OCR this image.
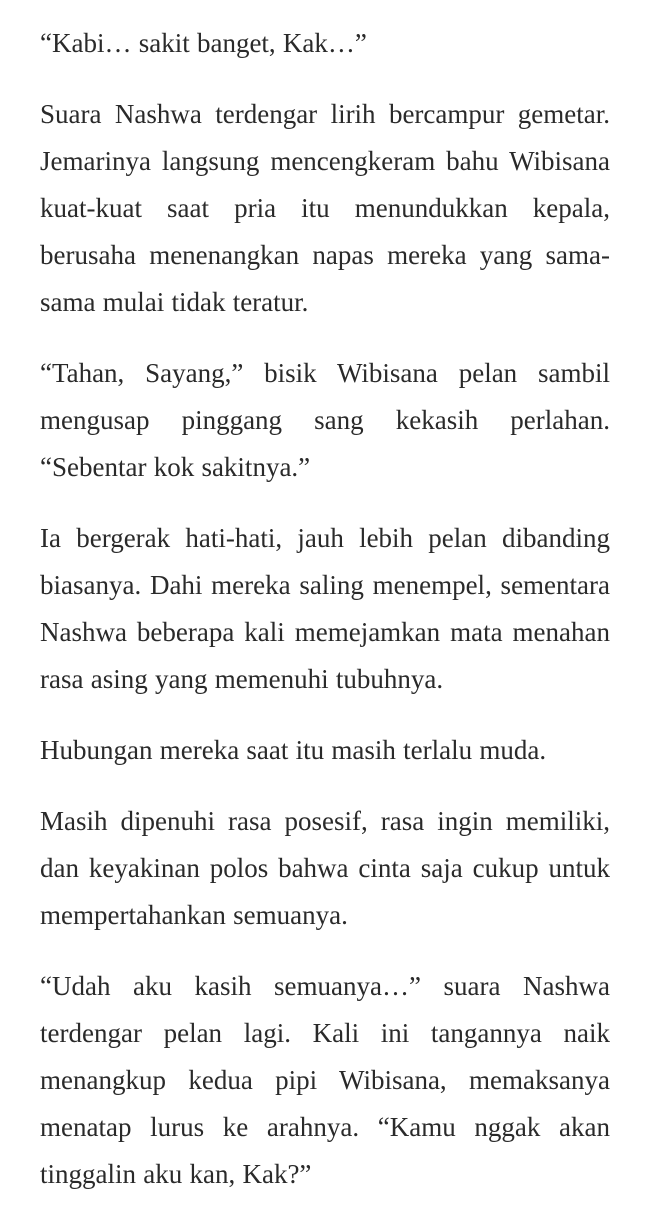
“Kabi… sakit banget, Kak…”

Suara Nashwa terdengar lirih bercampur gemetar. Jemarinya langsung mencengkeram bahu Wibisana kuat-kuat saat pria itu menundukkan kepala, berusaha menenangkan napas mereka yang sama-sama mulai tidak teratur.

“Tahan, Sayang,” bisik Wibisana pelan sambil mengusap pinggang sang kekasih perlahan. “Sebentar kok sakitnya.”

Ia bergerak hati-hati, jauh lebih pelan dibanding biasanya. Dahi mereka saling menempel, sementara Nashwa beberapa kali memejamkan mata menahan rasa asing yang memenuhi tubuhnya.

Hubungan mereka saat itu masih terlalu muda.

Masih dipenuhi rasa posesif, rasa ingin memiliki, dan keyakinan polos bahwa cinta saja cukup untuk mempertahankan semuanya.

“Udah aku kasih semuanya…” suara Nashwa terdengar pelan lagi. Kali ini tangannya naik menangkup kedua pipi Wibisana, memaksanya menatap lurus ke arahnya. “Kamu nggak akan tinggalin aku kan, Kak?”
